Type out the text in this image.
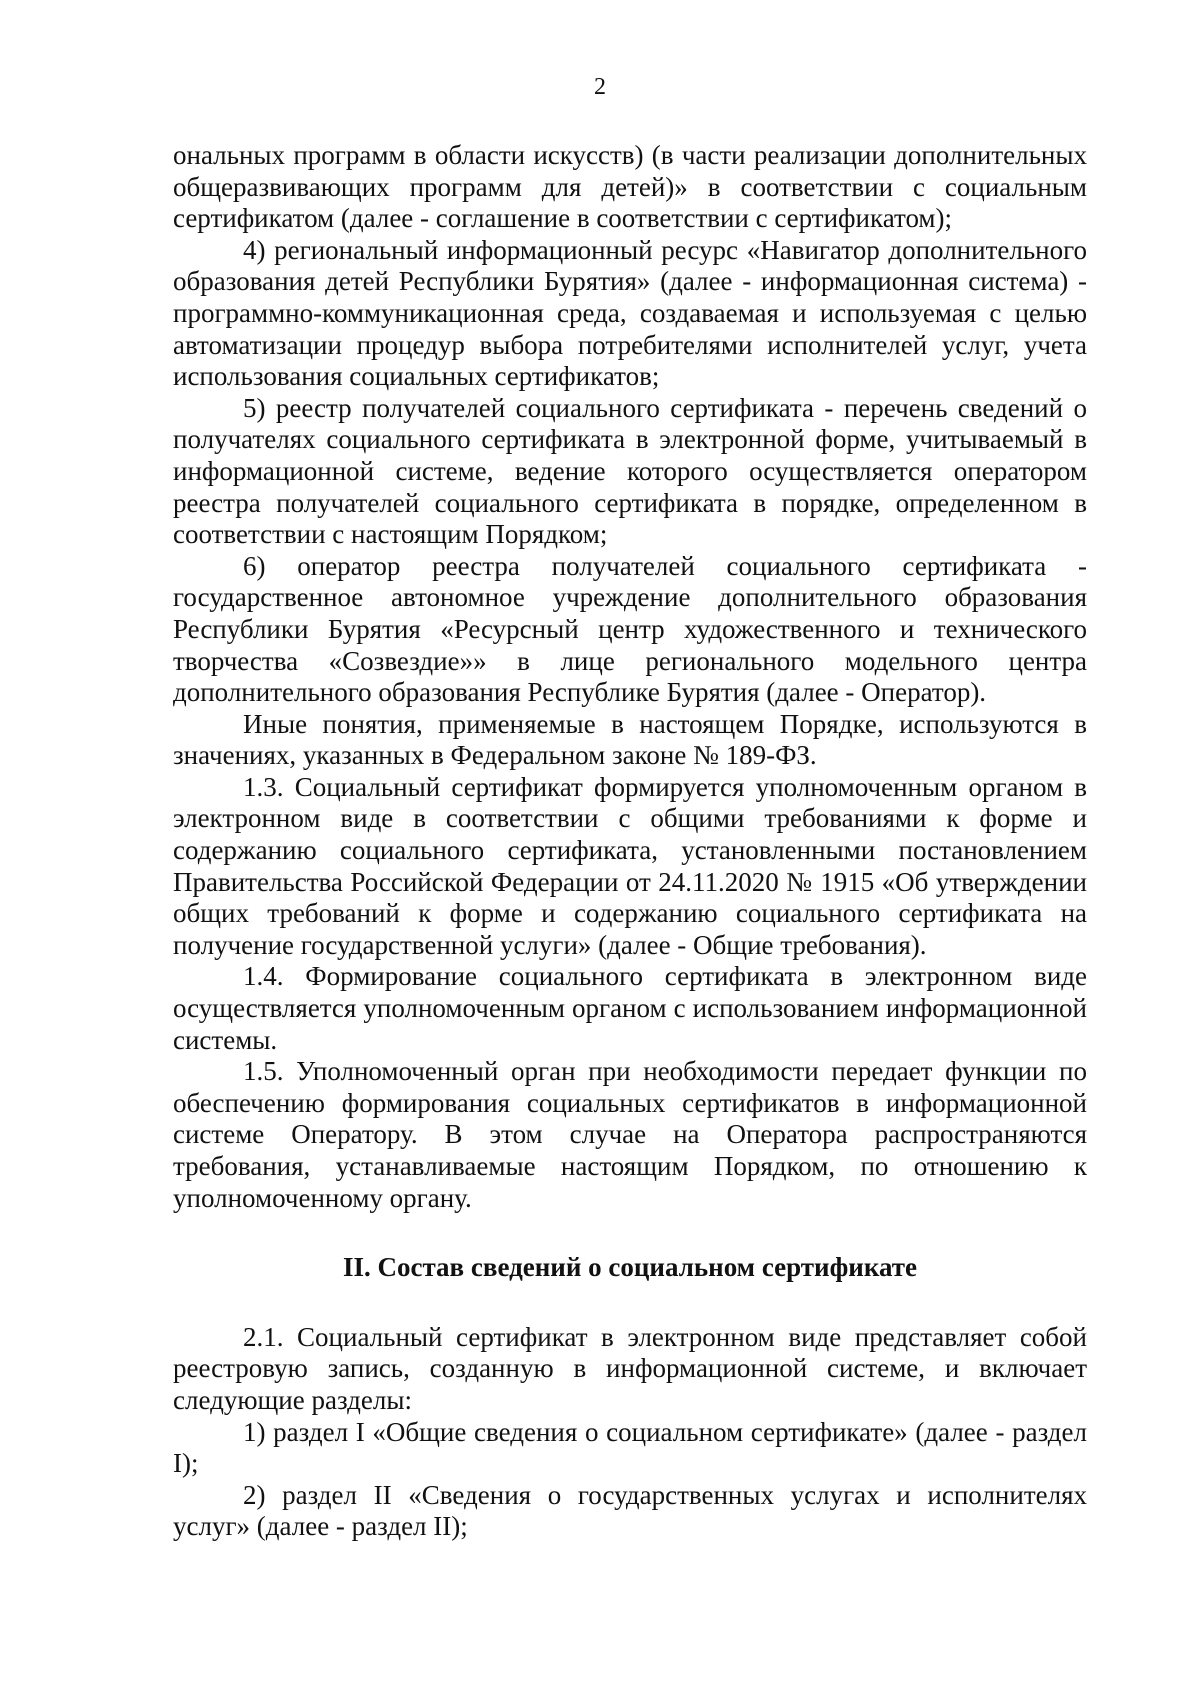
2

ональных программ в области искусств) (в части реализации дополнительных общеразвивающих программ для детей)» в соответствии с социальным сертификатом (далее - соглашение в соответствии с сертификатом);

4) региональный информационный ресурс «Навигатор дополнительного образования детей Республики Бурятия» (далее - информационная система) - программно-коммуникационная среда, создаваемая и используемая с целью автоматизации процедур выбора потребителями исполнителей услуг, учета использования социальных сертификатов;

5) реестр получателей социального сертификата - перечень сведений о получателях социального сертификата в электронной форме, учитываемый в информационной системе, ведение которого осуществляется оператором реестра получателей социального сертификата в порядке, определенном в соответствии с настоящим Порядком;

6) оператор реестра получателей социального сертификата - государственное автономное учреждение дополнительного образования Республики Бурятия «Ресурсный центр художественного и технического творчества «Созвездие»» в лице регионального модельного центра дополнительного образования Республике Бурятия (далее - Оператор).

Иные понятия, применяемые в настоящем Порядке, используются в значениях, указанных в Федеральном законе № 189-ФЗ.

1.3. Социальный сертификат формируется уполномоченным органом в электронном виде в соответствии с общими требованиями к форме и содержанию социального сертификата, установленными постановлением Правительства Российской Федерации от 24.11.2020 № 1915 «Об утверждении общих требований к форме и содержанию социального сертификата на получение государственной услуги» (далее - Общие требования).

1.4. Формирование социального сертификата в электронном виде осуществляется уполномоченным органом с использованием информационной системы.

1.5. Уполномоченный орган при необходимости передает функции по обеспечению формирования социальных сертификатов в информационной системе Оператору. В этом случае на Оператора распространяются требования, устанавливаемые настоящим Порядком, по отношению к уполномоченному органу.

II. Состав сведений о социальном сертификате

2.1. Социальный сертификат в электронном виде представляет собой реестровую запись, созданную в информационной системе, и включает следующие разделы:

1) раздел I «Общие сведения о социальном сертификате» (далее - раздел I);

2) раздел II «Сведения о государственных услугах и исполнителях услуг» (далее - раздел II);
